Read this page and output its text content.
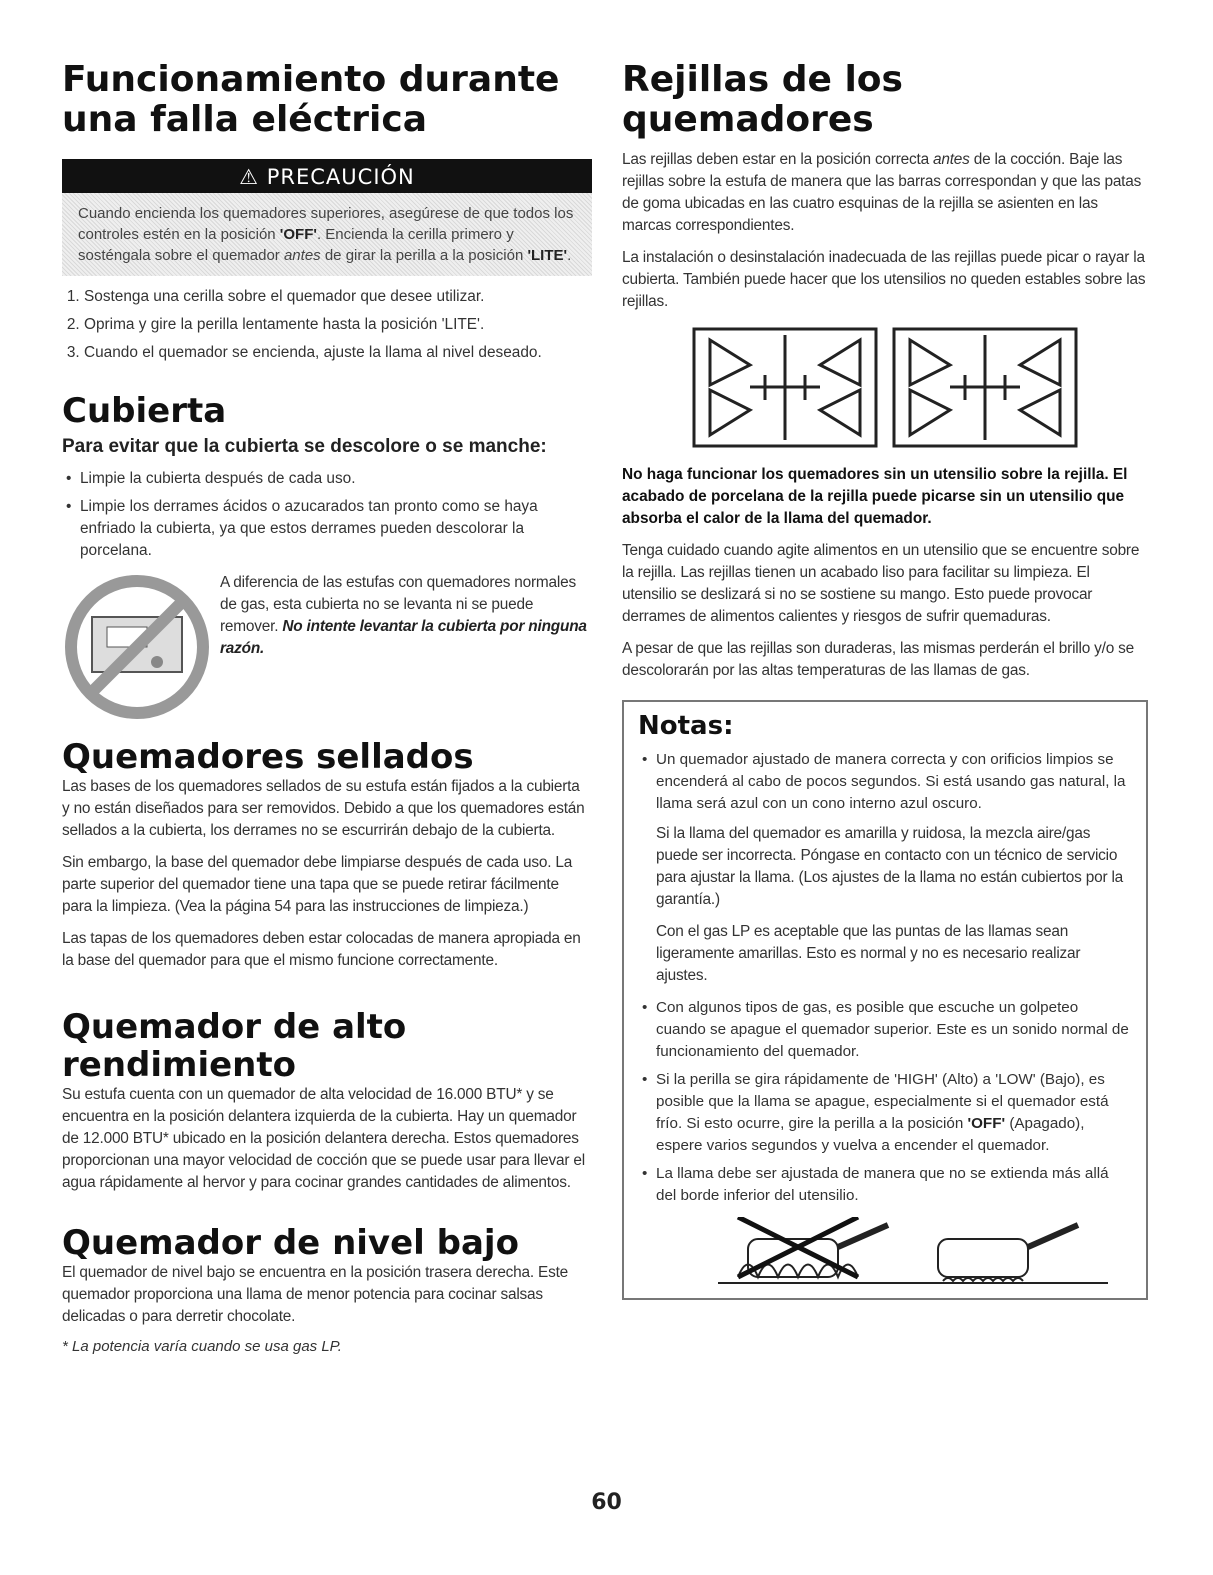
Funcionamiento durante una falla eléctrica
⚠ PRECAUCIÓN
Cuando encienda los quemadores superiores, asegúrese de que todos los controles estén en la posición 'OFF'. Encienda la cerilla primero y sosténgala sobre el quemador antes de girar la perilla a la posición 'LITE'.
1. Sostenga una cerilla sobre el quemador que desee utilizar.
2. Oprima y gire la perilla lentamente hasta la posición 'LITE'.
3. Cuando el quemador se encienda, ajuste la llama al nivel deseado.
Cubierta
Para evitar que la cubierta se descolore o se manche:
• Limpie la cubierta después de cada uso.
• Limpie los derrames ácidos o azucarados tan pronto como se haya enfriado la cubierta, ya que estos derrames pueden descolorar la porcelana.

A diferencia de las estufas con quemadores normales de gas, esta cubierta no se levanta ni se puede remover. No intente levantar la cubierta por ninguna razón.

Quemadores sellados

Las bases de los quemadores sellados de su estufa están fijados a la cubierta y no están diseñados para ser removidos. Debido a que los quemadores están sellados a la cubierta, los derrames no se escurrirán debajo de la cubierta.

Sin embargo, la base del quemador debe limpiarse después de cada uso. La parte superior del quemador tiene una tapa que se puede retirar fácilmente para la limpieza. (Vea la página 54 para las instrucciones de limpieza.)

Las tapas de los quemadores deben estar colocadas de manera apropiada en la base del quemador para que el mismo funcione correctamente.

Quemador de alto rendimiento

Su estufa cuenta con un quemador de alta velocidad de 16.000 BTU* y se encuentra en la posición delantera izquierda de la cubierta. Hay un quemador de 12.000 BTU* ubicado en la posición delantera derecha. Estos quemadores proporcionan una mayor velocidad de cocción que se puede usar para llevar el agua rápidamente al hervor y para cocinar grandes cantidades de alimentos.

Quemador de nivel bajo

El quemador de nivel bajo se encuentra en la posición trasera derecha. Este quemador proporciona una llama de menor potencia para cocinar salsas delicadas o para derretir chocolate.

* La potencia varía cuando se usa gas LP.
Rejillas de los quemadores

Las rejillas deben estar en la posición correcta antes de la cocción. Baje las rejillas sobre la estufa de manera que las barras correspondan y que las patas de goma ubicadas en las cuatro esquinas de la rejilla se asienten en las marcas correspondientes.

La instalación o desinstalación inadecuada de las rejillas puede picar o rayar la cubierta. También puede hacer que los utensilios no queden estables sobre las rejillas.

No haga funcionar los quemadores sin un utensilio sobre la rejilla. El acabado de porcelana de la rejilla puede picarse sin un utensilio que absorba el calor de la llama del quemador.

Tenga cuidado cuando agite alimentos en un utensilio que se encuentre sobre la rejilla. Las rejillas tienen un acabado liso para facilitar su limpieza. El utensilio se deslizará si no se sostiene su mango. Esto puede provocar derrames de alimentos calientes y riesgos de sufrir quemaduras.

A pesar de que las rejillas son duraderas, las mismas perderán el brillo y/o se descolorarán por las altas temperaturas de las llamas de gas.

Notas:
• Un quemador ajustado de manera correcta y con orificios limpios se encenderá al cabo de pocos segundos. Si está usando gas natural, la llama será azul con un cono interno azul oscuro.

Si la llama del quemador es amarilla y ruidosa, la mezcla aire/gas puede ser incorrecta. Póngase en contacto con un técnico de servicio para ajustar la llama. (Los ajustes de la llama no están cubiertos por la garantía.)

Con el gas LP es aceptable que las puntas de las llamas sean ligeramente amarillas. Esto es normal y no es necesario realizar ajustes.

• Con algunos tipos de gas, es posible que escuche un golpeteo cuando se apague el quemador superior. Este es un sonido normal de funcionamiento del quemador.
• Si la perilla se gira rápidamente de 'HIGH' (Alto) a 'LOW' (Bajo), es posible que la llama se apague, especialmente si el quemador está frío. Si esto ocurre, gire la perilla a la posición 'OFF' (Apagado), espere varios segundos y vuelva a encender el quemador.
• La llama debe ser ajustada de manera que no se extienda más allá del borde inferior del utensilio.
60
